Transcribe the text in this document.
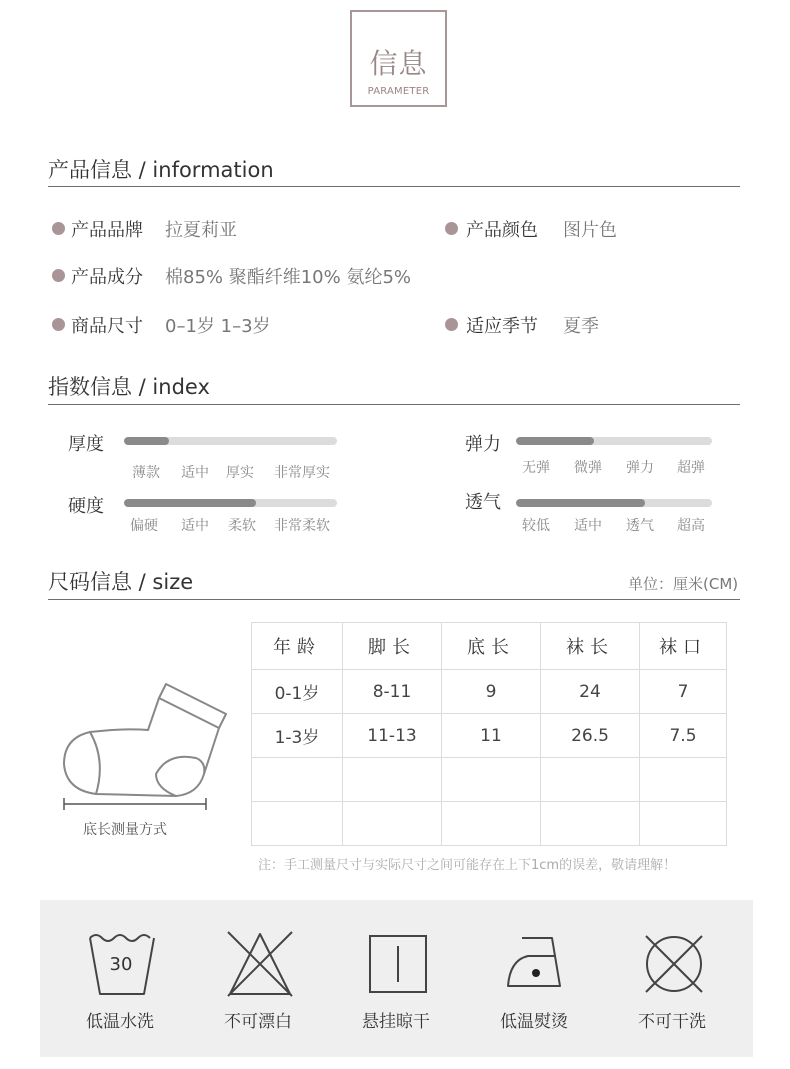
信息
PARAMETER
产品信息 / information
产品品牌 拉夏莉亚	产品颜色 图片色
产品成分 棉85% 聚酯纤维10% 氨纶5%
商品尺寸 0–1岁 1–3岁	适应季节 夏季
指数信息 / index
厚度
薄款 适中 厚实 非常厚实
弹力
无弹 微弹 弹力 超弹
硬度
偏硬 适中 柔软 非常柔软
透气
较低 适中 透气 超高
尺码信息 / size	单位：厘米(CM)
底长测量方式
年龄	脚长	底长	袜长	袜口
0-1岁	8-11	9	24	7
1-3岁	11-13	11	26.5	7.5

注：手工测量尺寸与实际尺寸之间可能存在上下1cm的误差，敬请理解！
30
低温水洗	不可漂白	悬挂晾干	低温熨烫	不可干洗
